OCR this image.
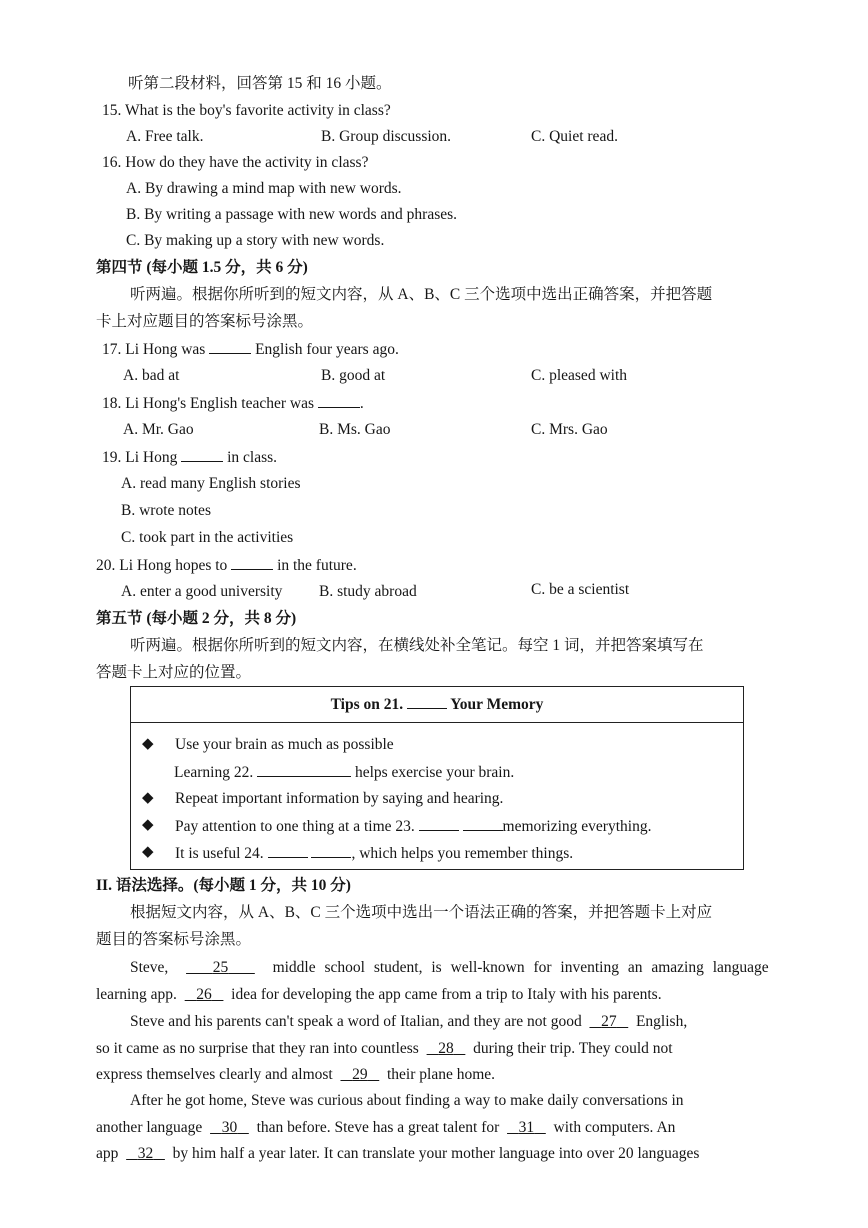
听第二段材料，回答第 15 和 16 小题。
15. What is the boy's favorite activity in class?
A. Free talk.	B. Group discussion.	C. Quiet read.
16. How do they have the activity in class?
A. By drawing a mind map with new words.
B. By writing a passage with new words and phrases.
C. By making up a story with new words.
第四节 (每小题 1.5 分，共 6 分)
听两遍。根据你所听到的短文内容，从 A、B、C 三个选项中选出正确答案，并把答题
卡上对应题目的答案标号涂黑。
17. Li Hong was	English four years ago.
A. bad at	B. good at	C. pleased with
18. Li Hong's English teacher was	.
A. Mr. Gao	B. Ms. Gao	C. Mrs. Gao
19. Li Hong	in class.
A. read many English stories
B. wrote notes
C. took part in the activities
20. Li Hong hopes to	in the future.
A. enter a good university B. study abroad	C. be a scientist
第五节 (每小题 2 分，共 8 分)
听两遍。根据你所听到的短文内容，在横线处补全笔记。每空 1 词，并把答案填写在
答题卡上对应的位置。
Tips on 21.	Your Memory
◆ Use your brain as much as possible
Learning 22.	helps exercise your brain.
◆ Repeat important information by saying and hearing.
◆ Pay attention to one thing at a time 23.	memorizing everything.
◆ It is useful 24.	, which helps you remember things.
II. 语法选择。(每小题 1 分，共 10 分)
根据短文内容，从 A、B、C 三个选项中选出一个语法正确的答案，并把答题卡上对应
题目的答案标号涂黑。
Steve,	25	middle school student, is well-known for inventing an amazing language
learning app. 26 idea for developing the app came from a trip to Italy with his parents.
Steve and his parents can't speak a word of Italian, and they are not good 27 English,
so it came as no surprise that they ran into countless 28 during their trip. They could not
express themselves clearly and almost 29 their plane home.
After he got home, Steve was curious about finding a way to make daily conversations in
another language 30 than before. Steve has a great talent for 31 with computers. An
app 32 by him half a year later. It can translate your mother language into over 20 languages
